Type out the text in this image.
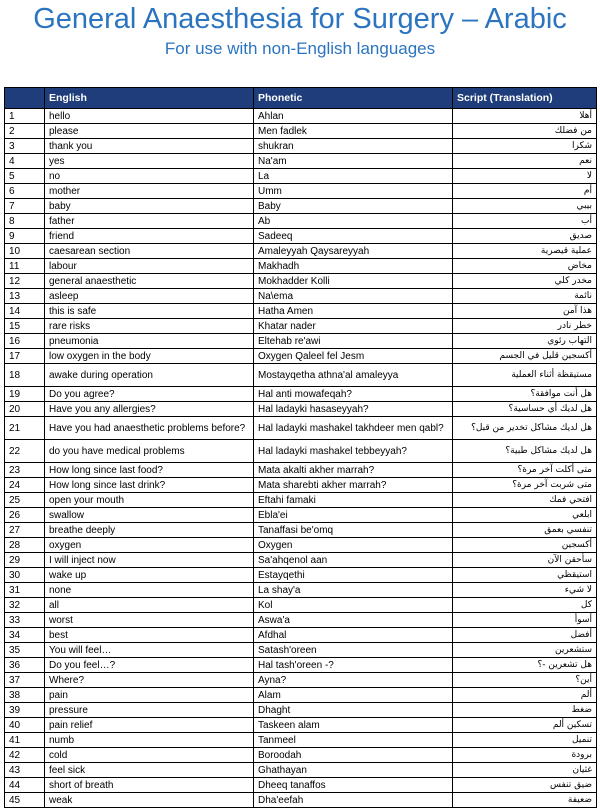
General Anaesthesia for Surgery – Arabic
For use with non-English languages
	English	Phonetic	Script (Translation)
1	hello	Ahlan	أهلا
2	please	Men fadlek	من فضلك
3	thank you	shukran	شكرا
4	yes	Na'am	نعم
5	no	La	لا
6	mother	Umm	أم
7	baby	Baby	بيبي
8	father	Ab	أب
9	friend	Sadeeq	صديق
10	caesarean section	Amaleyyah Qaysareyyah	عملية قيصرية
11	labour	Makhadh	مخاض
12	general anaesthetic	Mokhadder Kolli	مخدر كلي
13	asleep	Na\ema	نائمة
14	this is safe	Hatha Amen	هذا آمن
15	rare risks	Khatar nader	خطر نادر
16	pneumonia	Eltehab re'awi	التهاب رئوي
17	low oxygen in the body	Oxygen Qaleel fel Jesm	أكسجين قليل في الجسم
18	awake during operation	Mostayqetha athna'al amaleyya	مستيقظة أثناء العملية
19	Do you agree?	Hal anti mowafeqah?	هل أنت موافقة؟
20	Have you any allergies?	Hal ladayki hasaseyyah?	هل لديك أي حساسية؟
21	Have you had anaesthetic problems before?	Hal ladayki mashakel takhdeer men qabl?	هل لديك مشاكل تخدير من قبل؟
22	do you have medical problems	Hal ladayki mashakel tebbeyyah?	هل لديك مشاكل طبية؟
23	How long since last food?	Mata akalti akher marrah?	متى أكلت آخر مرة؟
24	How long since last drink?	Mata sharebti akher marrah?	متى شربت آخر مرة؟
25	open your mouth	Eftahi famaki	افتحي فمك
26	swallow	Ebla'ei	ابلعي
27	breathe deeply	Tanaffasi be'omq	تنفسي بعمق
28	oxygen	Oxygen	أكسجين
29	I will inject now	Sa'ahqenol aan	سأحقن الآن
30	wake up	Estayqethi	استيقظي
31	none	La shay'a	لا شيء
32	all	Kol	كل
33	worst	Aswa'a	أسوأ
34	best	Afdhal	أفضل
35	You will feel…	Satash'oreen	ستشعرين
36	Do you feel…?	Hal tash'oreen -?	هل تشعرين -؟
37	Where?	Ayna?	أين؟
38	pain	Alam	ألم
39	pressure	Dhaght	ضغط
40	pain relief	Taskeen alam	تسكين ألم
41	numb	Tanmeel	تنميل
42	cold	Boroodah	برودة
43	feel sick	Ghathayan	غثيان
44	short of breath	Dheeq tanaffos	ضيق تنفس
45	weak	Dha'eefah	ضعيفة
